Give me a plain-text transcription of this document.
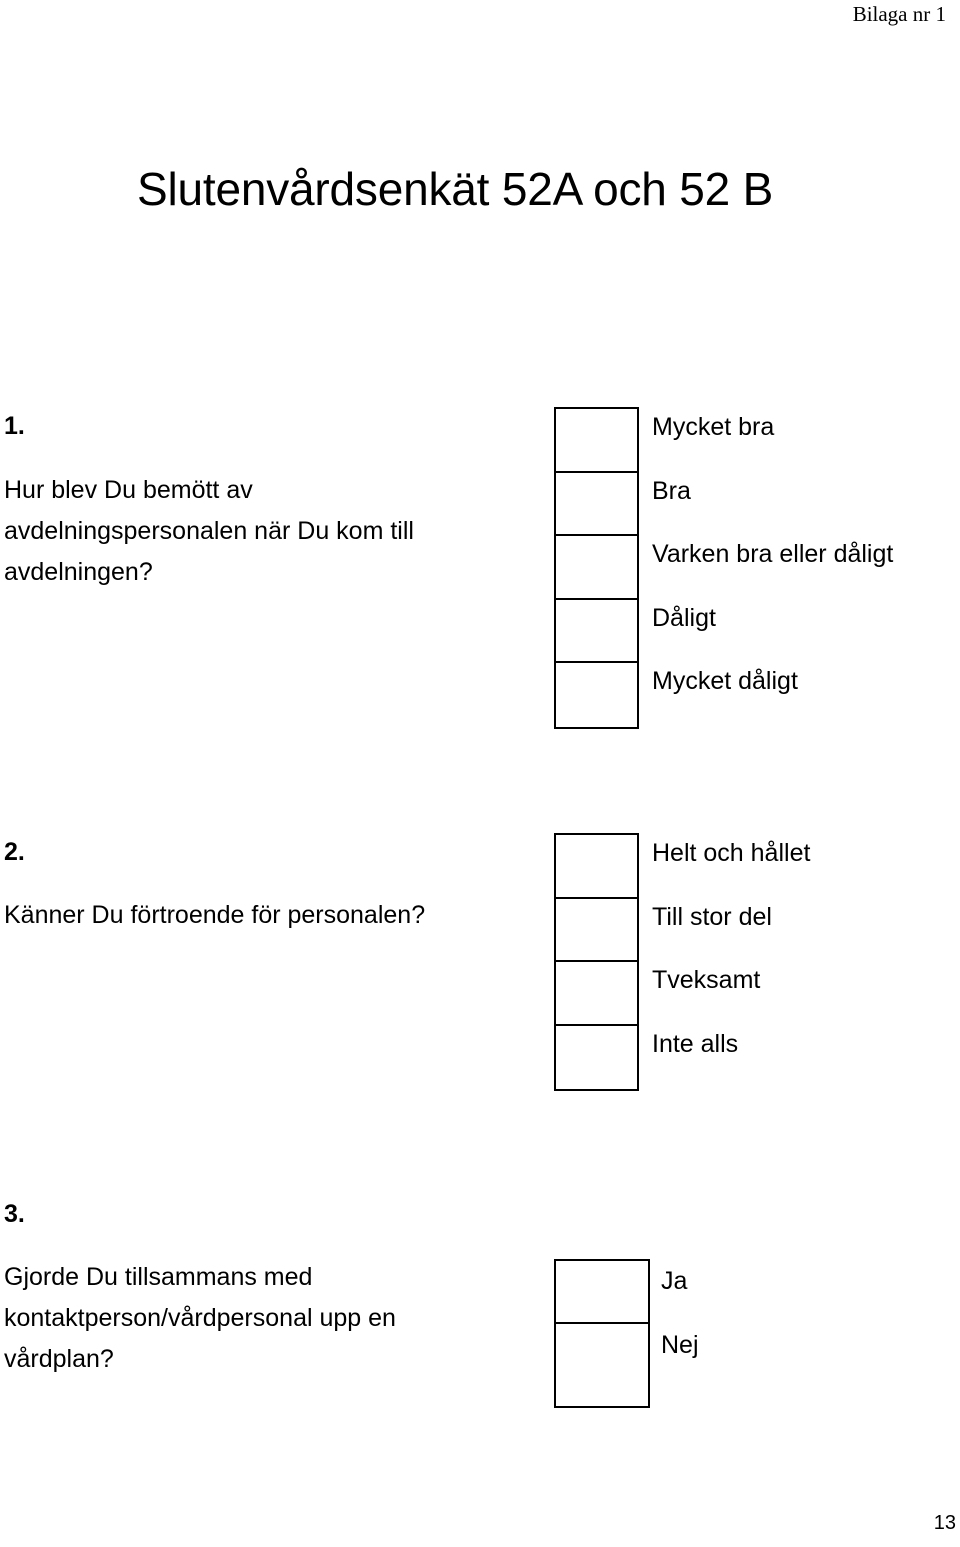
Bilaga nr 1
Slutenvårdsenkät 52A och 52 B
1.
Hur blev Du bemött av avdelningspersonalen när Du kom till avdelningen?
Mycket bra
Bra
Varken bra eller dåligt
Dåligt
Mycket dåligt
2.
Känner Du förtroende för personalen?
Helt och hållet
Till stor del
Tveksamt
Inte alls
3.
Gjorde Du tillsammans med kontaktperson/vårdpersonal upp en vårdplan?
Ja
Nej
13
